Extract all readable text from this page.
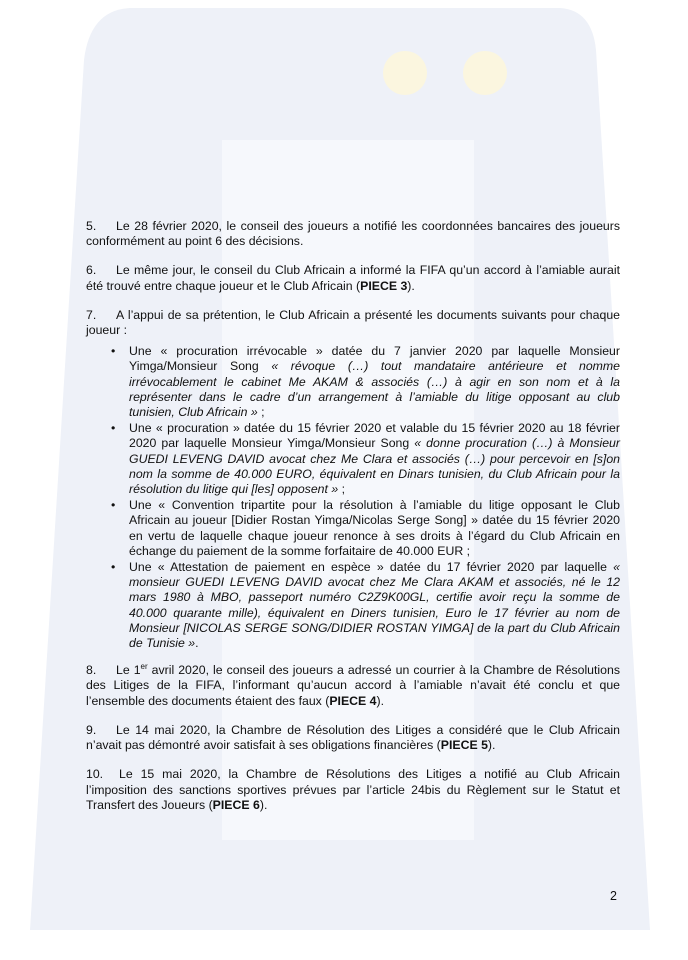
5. Le 28 février 2020, le conseil des joueurs a notifié les coordonnées bancaires des joueurs conformément au point 6 des décisions.

6. Le même jour, le conseil du Club Africain a informé la FIFA qu’un accord à l’amiable aurait été trouvé entre chaque joueur et le Club Africain (PIECE 3).

7. A l’appui de sa prétention, le Club Africain a présenté les documents suivants pour chaque joueur :

• Une « procuration irrévocable » datée du 7 janvier 2020 par laquelle Monsieur Yimga/Monsieur Song « révoque (…) tout mandataire antérieure et nomme irrévocablement le cabinet Me AKAM & associés (…) à agir en son nom et à la représenter dans le cadre d’un arrangement à l’amiable du litige opposant au club tunisien, Club Africain » ;
• Une « procuration » datée du 15 février 2020 et valable du 15 février 2020 au 18 février 2020 par laquelle Monsieur Yimga/Monsieur Song « donne procuration (…) à Monsieur GUEDI LEVENG DAVID avocat chez Me Clara et associés (…) pour percevoir en [s]on nom la somme de 40.000 EURO, équivalent en Dinars tunisien, du Club Africain pour la résolution du litige qui [les] opposent » ;
• Une « Convention tripartite pour la résolution à l’amiable du litige opposant le Club Africain au joueur [Didier Rostan Yimga/Nicolas Serge Song] » datée du 15 février 2020 en vertu de laquelle chaque joueur renonce à ses droits à l’égard du Club Africain en échange du paiement de la somme forfaitaire de 40.000 EUR ;
• Une « Attestation de paiement en espèce » datée du 17 février 2020 par laquelle « monsieur GUEDI LEVENG DAVID avocat chez Me Clara AKAM et associés, né le 12 mars 1980 à MBO, passeport numéro C2Z9K00GL, certifie avoir reçu la somme de 40.000 quarante mille), équivalent en Diners tunisien, Euro le 17 février au nom de Monsieur [NICOLAS SERGE SONG/DIDIER ROSTAN YIMGA] de la part du Club Africain de Tunisie ».

8. Le 1er avril 2020, le conseil des joueurs a adressé un courrier à la Chambre de Résolutions des Litiges de la FIFA, l’informant qu’aucun accord à l’amiable n’avait été conclu et que l’ensemble des documents étaient des faux (PIECE 4).

9. Le 14 mai 2020, la Chambre de Résolution des Litiges a considéré que le Club Africain n’avait pas démontré avoir satisfait à ses obligations financières (PIECE 5).

10. Le 15 mai 2020, la Chambre de Résolutions des Litiges a notifié au Club Africain l’imposition des sanctions sportives prévues par l’article 24bis du Règlement sur le Statut et Transfert des Joueurs (PIECE 6).

2
